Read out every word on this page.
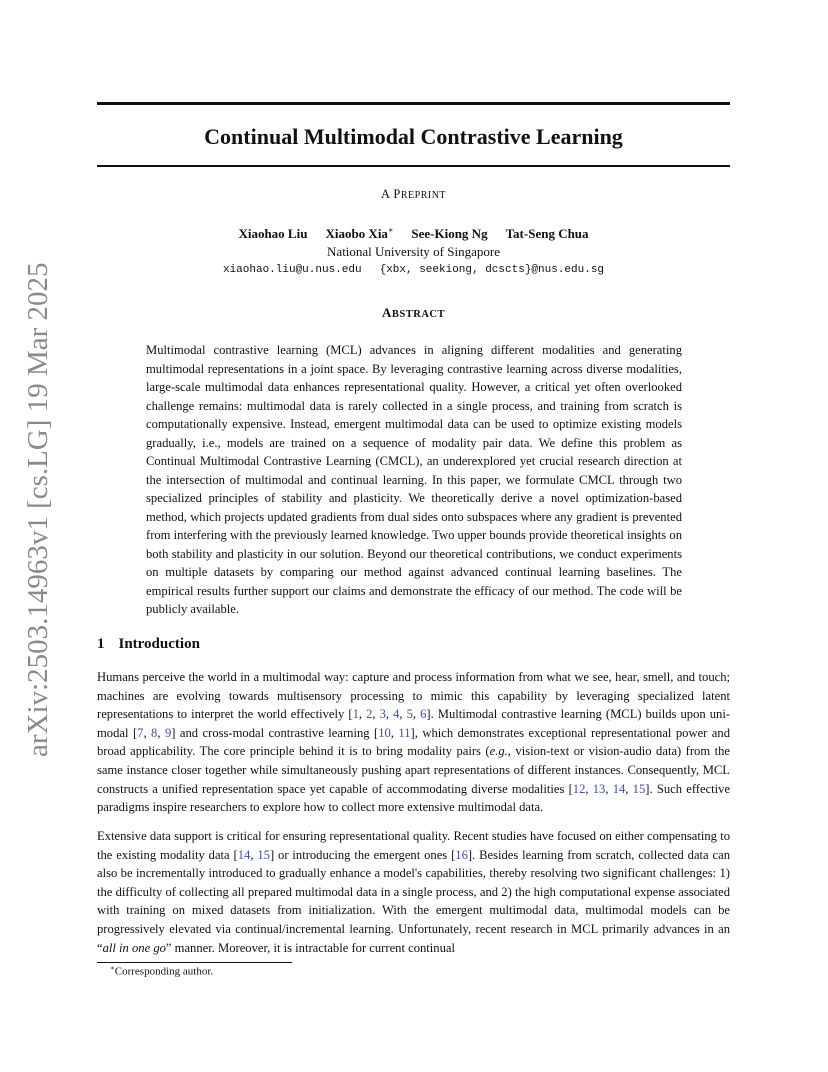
arXiv:2503.14963v1 [cs.LG] 19 Mar 2025
Continual Multimodal Contrastive Learning
A PREPRINT
Xiaohao Liu Xiaobo Xia∗ See-Kiong Ng Tat-Seng Chua
National University of Singapore
xiaohao.liu@u.nus.edu {xbx, seekiong, dcscts}@nus.edu.sg
ABSTRACT

Multimodal contrastive learning (MCL) advances in aligning different modalities and generating multimodal representations in a joint space. By leveraging contrastive learning across diverse modalities, large-scale multimodal data enhances representational quality. However, a critical yet often overlooked challenge remains: multimodal data is rarely collected in a single process, and training from scratch is computationally expensive. Instead, emergent multimodal data can be used to optimize existing models gradually, i.e., models are trained on a sequence of modality pair data. We define this problem as Continual Multimodal Contrastive Learning (CMCL), an underexplored yet crucial research direction at the intersection of multimodal and continual learning. In this paper, we formulate CMCL through two specialized principles of stability and plasticity. We theoretically derive a novel optimization-based method, which projects updated gradients from dual sides onto subspaces where any gradient is prevented from interfering with the previously learned knowledge. Two upper bounds provide theoretical insights on both stability and plasticity in our solution. Beyond our theoretical contributions, we conduct experiments on multiple datasets by comparing our method against advanced continual learning baselines. The empirical results further support our claims and demonstrate the efficacy of our method. The code will be publicly available.

1 Introduction

Humans perceive the world in a multimodal way: capture and process information from what we see, hear, smell, and touch; machines are evolving towards multisensory processing to mimic this capability by leveraging specialized latent representations to interpret the world effectively [1, 2, 3, 4, 5, 6]. Multimodal contrastive learning (MCL) builds upon uni-modal [7, 8, 9] and cross-modal contrastive learning [10, 11], which demonstrates exceptional representational power and broad applicability. The core principle behind it is to bring modality pairs (e.g., vision-text or vision-audio data) from the same instance closer together while simultaneously pushing apart representations of different instances. Consequently, MCL constructs a unified representation space yet capable of accommodating diverse modalities [12, 13, 14, 15]. Such effective paradigms inspire researchers to explore how to collect more extensive multimodal data.

Extensive data support is critical for ensuring representational quality. Recent studies have focused on either compensating to the existing modality data [14, 15] or introducing the emergent ones [16]. Besides learning from scratch, collected data can also be incrementally introduced to gradually enhance a model's capabilities, thereby resolving two significant challenges: 1) the difficulty of collecting all prepared multimodal data in a single process, and 2) the high computational expense associated with training on mixed datasets from initialization. With the emergent multimodal data, multimodal models can be progressively elevated via continual/incremental learning. Unfortunately, recent research in MCL primarily advances in an “all in one go” manner. Moreover, it is intractable for current continual

∗Corresponding author.
